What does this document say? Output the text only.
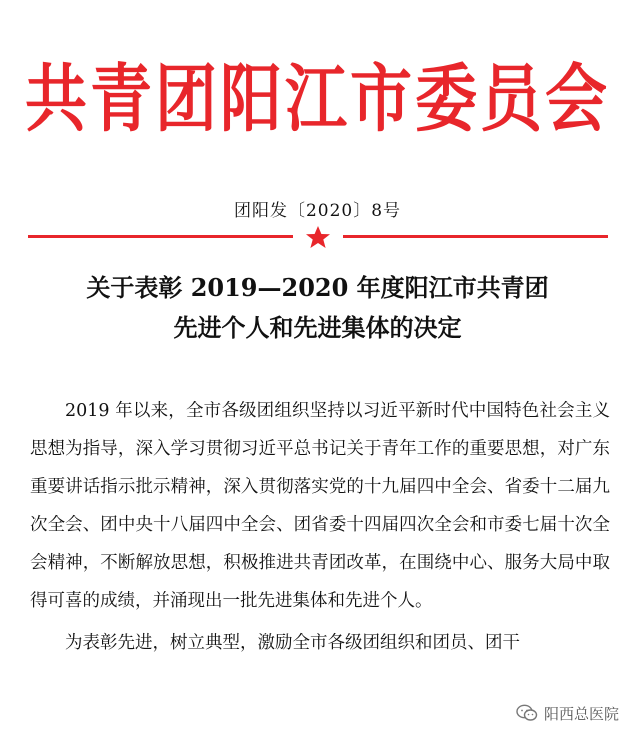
共青团阳江市委员会
团阳发〔2020〕8号
关于表彰 2019—2020 年度阳江市共青团
先进个人和先进集体的决定

2019 年以来，全市各级团组织坚持以习近平新时代中国特色社会主义思想为指导，深入学习贯彻习近平总书记关于青年工作的重要思想，对广东重要讲话指示批示精神，深入贯彻落实党的十九届四中全会、省委十二届九次全会、团中央十八届四中全会、团省委十四届四次全会和市委七届十次全会精神，不断解放思想，积极推进共青团改革，在围绕中心、服务大局中取得可喜的成绩，并涌现出一批先进集体和先进个人。

为表彰先进，树立典型，激励全市各级团组织和团员、团干

阳西总医院
